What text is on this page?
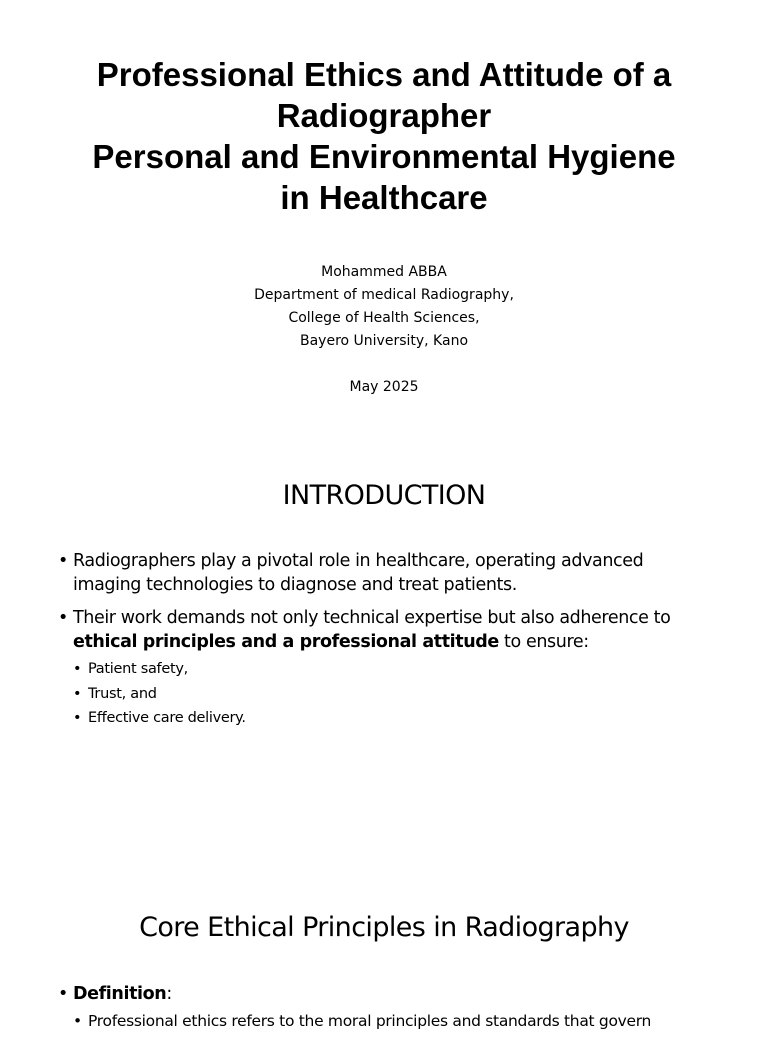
Professional Ethics and Attitude of a
Radiographer
Personal and Environmental Hygiene
in Healthcare
Mohammed ABBA
Department of medical Radiography,
College of Health Sciences,
Bayero University, Kano
May 2025
INTRODUCTION
• Radiographers play a pivotal role in healthcare, operating advanced imaging technologies to diagnose and treat patients.
• Their work demands not only technical expertise but also adherence to ethical principles and a professional attitude to ensure:
• Patient safety,
• Trust, and
• Effective care delivery.
Core Ethical Principles in Radiography
• Definition:
• Professional ethics refers to the moral principles and standards that govern
